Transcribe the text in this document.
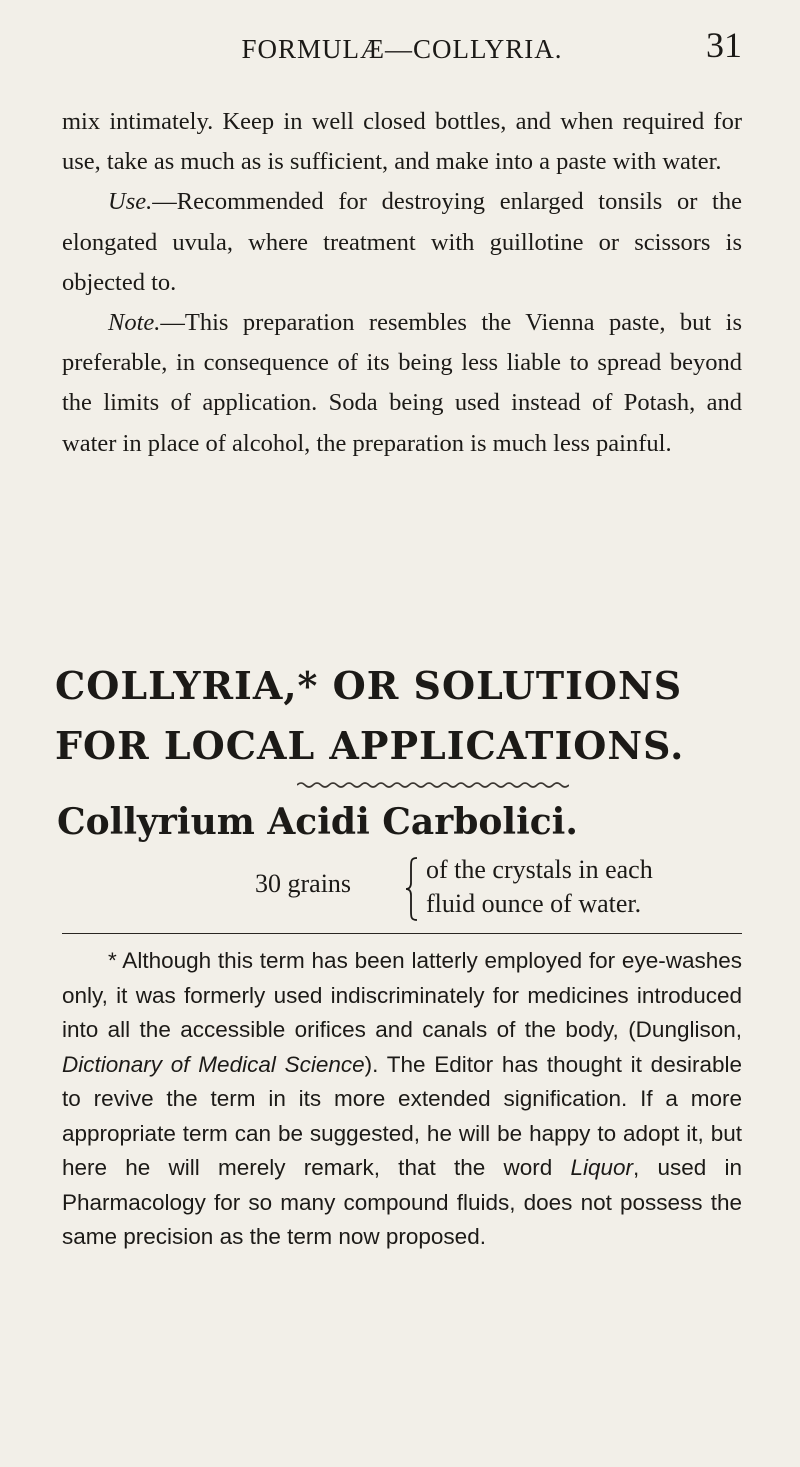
FORMULÆ—COLLYRIA.	31

mix intimately. Keep in well closed bottles, and when required for use, take as much as is sufficient, and make into a paste with water.

Use.—Recommended for destroying enlarged tonsils or the elongated uvula, where treatment with guillotine or scissors is objected to.

Note.—This preparation resembles the Vienna paste, but is preferable, in consequence of its being less liable to spread beyond the limits of application. Soda being used instead of Potash, and water in place of alcohol, the preparation is much less painful.

COLLYRIA,* OR SOLUTIONS
FOR LOCAL APPLICATIONS.
Collyrium Acidi Carbolici.
30 grains	of the crystals in each
fluid ounce of water.

* Although this term has been latterly employed for eye-washes only, it was formerly used indiscriminately for medicines introduced into all the accessible orifices and canals of the body, (Dunglison, Dictionary of Medical Science). The Editor has thought it desirable to revive the term in its more extended signification. If a more appropriate term can be suggested, he will be happy to adopt it, but here he will merely remark, that the word Liquor, used in Pharmacology for so many compound fluids, does not possess the same precision as the term now proposed.
